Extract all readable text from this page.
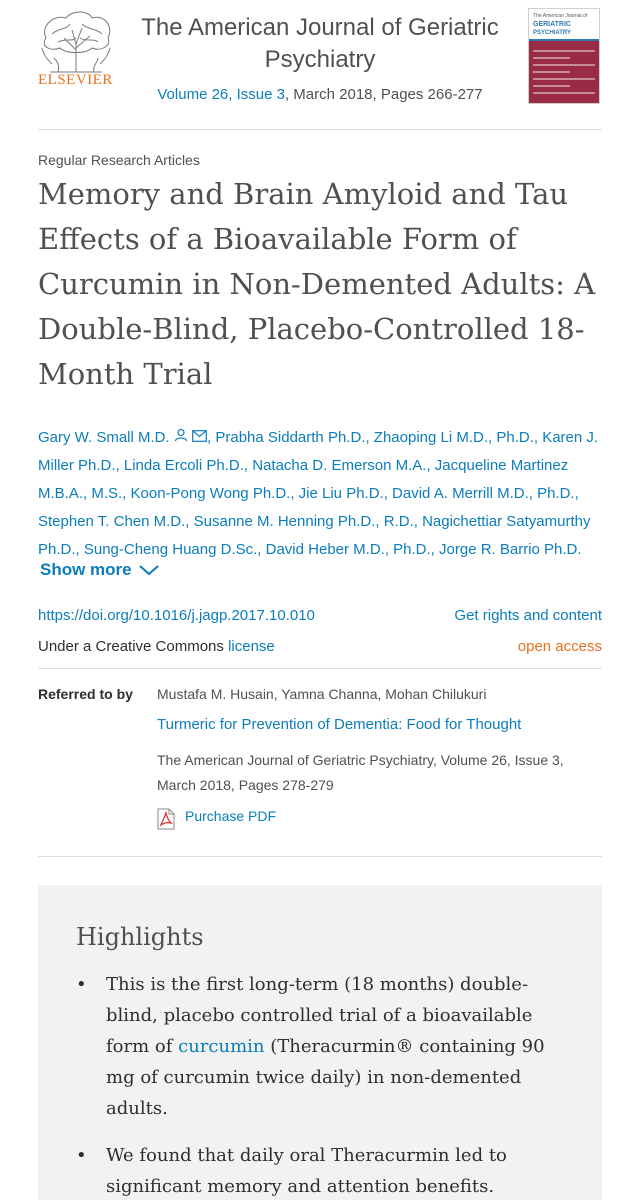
ELSEVIER
The American Journal of Geriatric
Psychiatry
Volume 26, Issue 3, March 2018, Pages 266-277
The American Journal of
GERIATRIC
PSYCHIATRY
Regular Research Articles
Memory and Brain Amyloid and Tau Effects of a Bioavailable Form of Curcumin in Non-Demented Adults: A Double-Blind, Placebo-Controlled 18-Month Trial
Gary W. Small M.D. , Prabha Siddarth Ph.D., Zhaoping Li M.D., Ph.D., Karen J. Miller Ph.D., Linda Ercoli Ph.D., Natacha D. Emerson M.A., Jacqueline Martinez M.B.A., M.S., Koon-Pong Wong Ph.D., Jie Liu Ph.D., David A. Merrill M.D., Ph.D., Stephen T. Chen M.D., Susanne M. Henning Ph.D., R.D., Nagichettiar Satyamurthy Ph.D., Sung-Cheng Huang D.Sc., David Heber M.D., Ph.D., Jorge R. Barrio Ph.D.
Show more
https://doi.org/10.1016/j.jagp.2017.10.010	Get rights and content
Under a Creative Commons license	open access
Referred to by Mustafa M. Husain, Yamna Channa, Mohan Chilukuri
Turmeric for Prevention of Dementia: Food for Thought
The American Journal of Geriatric Psychiatry, Volume 26, Issue 3,
March 2018, Pages 278-279
Purchase PDF
Highlights
• This is the first long-term (18 months) double-blind, placebo controlled trial of a bioavailable form of curcumin (Theracurmin® containing 90 mg of curcumin twice daily) in non-demented adults.
• We found that daily oral Theracurmin led to significant memory and attention benefits.
